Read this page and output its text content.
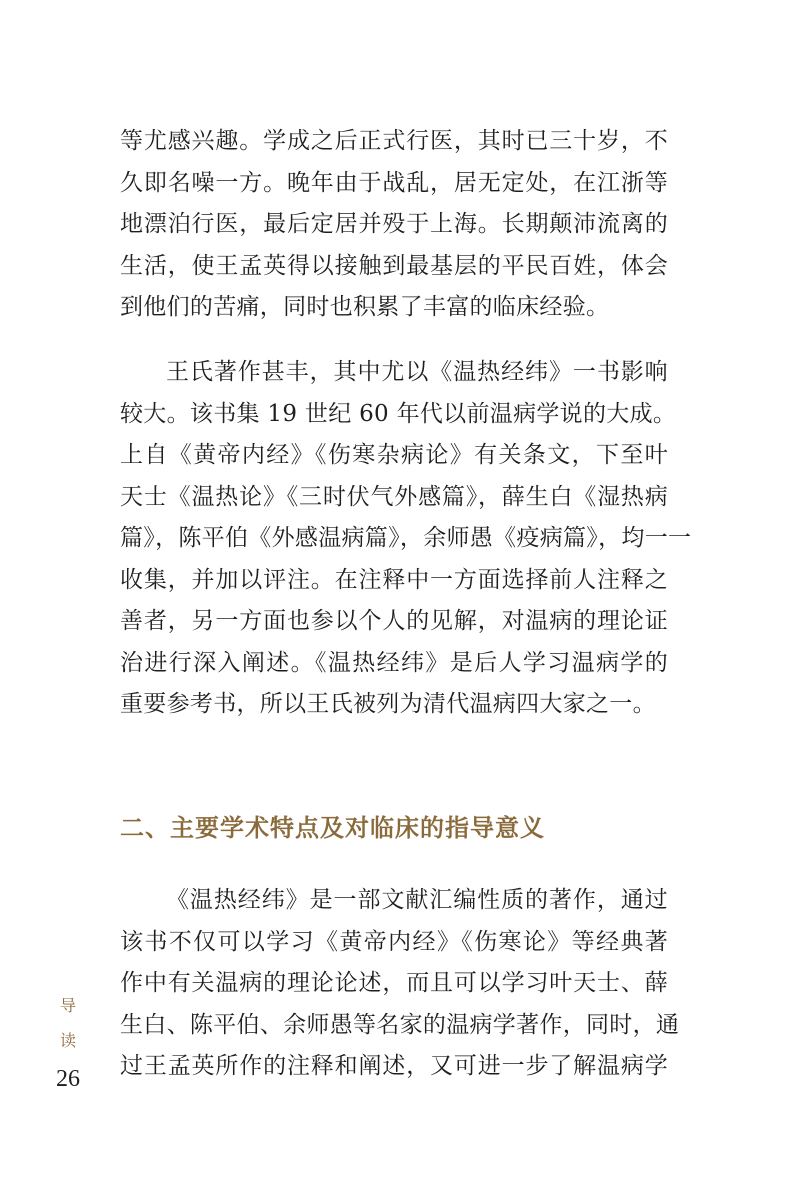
等尤感兴趣。学成之后正式行医，其时已三十岁，不
久即名噪一方。晚年由于战乱，居无定处，在江浙等
地漂泊行医，最后定居并殁于上海。长期颠沛流离的
生活，使王孟英得以接触到最基层的平民百姓，体会
到他们的苦痛，同时也积累了丰富的临床经验。
王氏著作甚丰，其中尤以《温热经纬》一书影响
较大。该书集 19 世纪 60 年代以前温病学说的大成。
上自《黄帝内经》《伤寒杂病论》有关条文，下至叶
天士《温热论》《三时伏气外感篇》，薛生白《湿热病
篇》，陈平伯《外感温病篇》，余师愚《疫病篇》，均一一
收集，并加以评注。在注释中一方面选择前人注释之
善者，另一方面也参以个人的见解，对温病的理论证
治进行深入阐述。《温热经纬》是后人学习温病学的
重要参考书，所以王氏被列为清代温病四大家之一。
二、主要学术特点及对临床的指导意义
《温热经纬》是一部文献汇编性质的著作，通过
该书不仅可以学习《黄帝内经》《伤寒论》等经典著
作中有关温病的理论论述，而且可以学习叶天士、薛
生白、陈平伯、余师愚等名家的温病学著作，同时，通
过王孟英所作的注释和阐述，又可进一步了解温病学
导
读
26
